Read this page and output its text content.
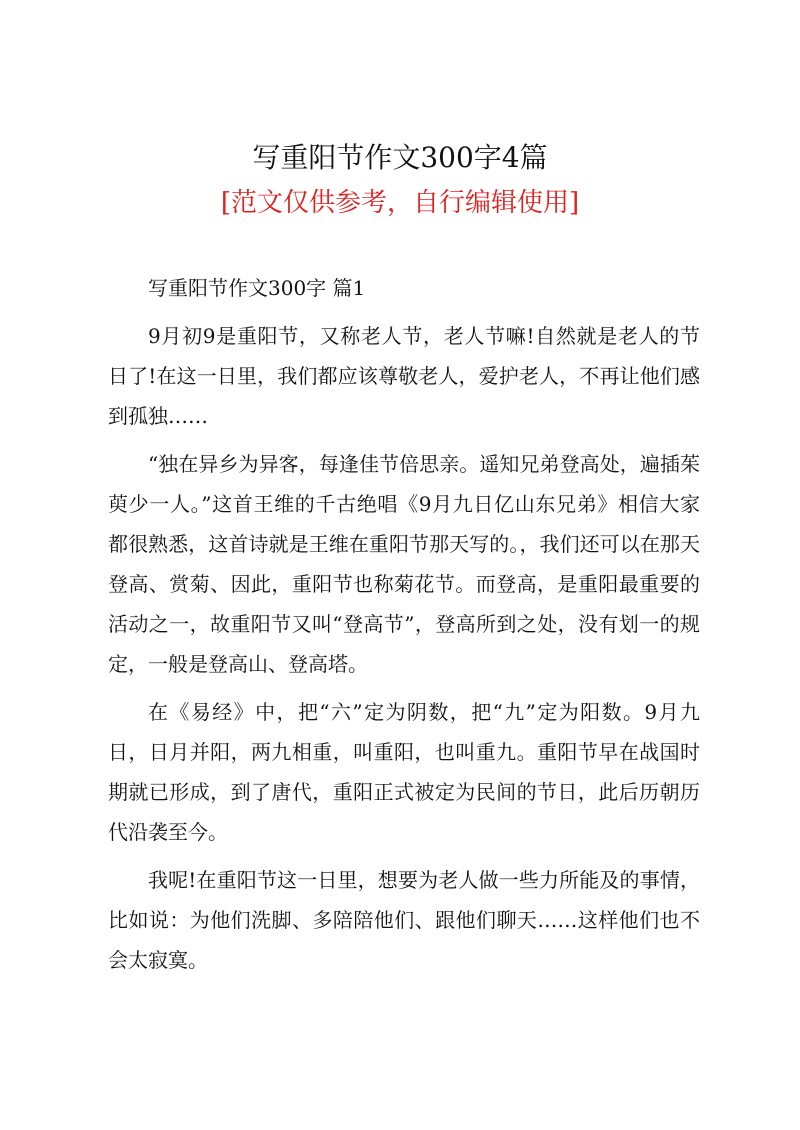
写重阳节作文300字4篇
[范文仅供参考，自行编辑使用]

写重阳节作文300字 篇1

9月初9是重阳节，又称老人节，老人节嘛!自然就是老人的节日了!在这一日里，我们都应该尊敬老人，爱护老人，不再让他们感到孤独……

“独在异乡为异客，每逢佳节倍思亲。遥知兄弟登高处，遍插茱萸少一人。”这首王维的千古绝唱《9月九日亿山东兄弟》相信大家都很熟悉，这首诗就是王维在重阳节那天写的。，我们还可以在那天登高、赏菊、因此，重阳节也称菊花节。而登高，是重阳最重要的活动之一，故重阳节又叫“登高节”，登高所到之处，没有划一的规定，一般是登高山、登高塔。

在《易经》中，把“六”定为阴数，把“九”定为阳数。9月九日，日月并阳，两九相重，叫重阳，也叫重九。重阳节早在战国时期就已形成，到了唐代，重阳正式被定为民间的节日，此后历朝历代沿袭至今。

我呢!在重阳节这一日里，想要为老人做一些力所能及的事情，比如说：为他们洗脚、多陪陪他们、跟他们聊天……这样他们也不会太寂寞。
